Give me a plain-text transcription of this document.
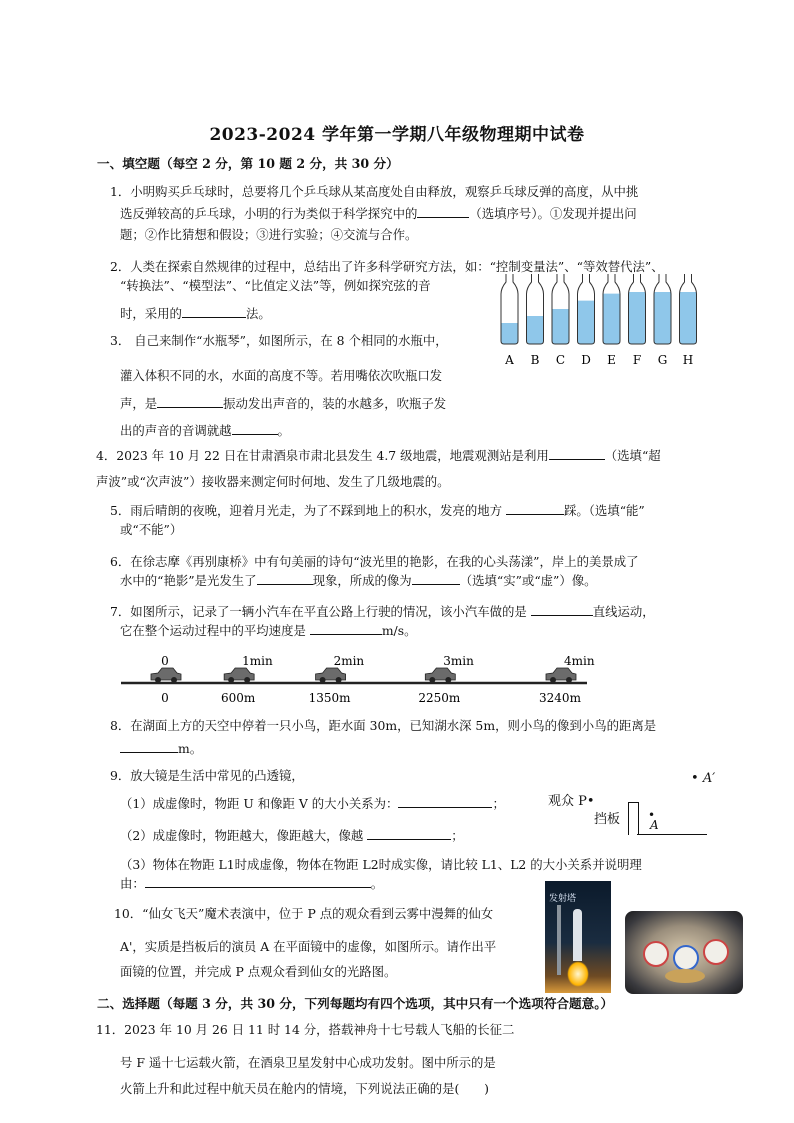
2023-2024 学年第一学期八年级物理期中试卷
一、填空题（每空 2 分，第 10 题 2 分，共 30 分）
1．小明购买乒乓球时，总要将几个乒乓球从某高度处自由释放，观察乒乓球反弹的高度，从中挑
选反弹较高的乒乓球，小明的行为类似于科学探究中的	（选填序号）。①发现并提出问
题；②作比猜想和假设；③进行实验；④交流与合作。
2．人类在探索自然规律的过程中，总结出了许多科学研究方法，如：“控制变量法”、“等效替代法”、
“转换法”、“模型法”、“比值定义法”等，例如探究弦的音
时，采用的	法。
A B C D E F G H
3． 自己来制作“水瓶琴”，如图所示，在 8 个相同的水瓶中，
灌入体积不同的水，水面的高度不等。若用嘴依次吹瓶口发
声，是	振动发出声音的，装的水越多，吹瓶子发
出的声音的音调就越	。
4．2023 年 10 月 22 日在甘肃酒泉市肃北县发生 4.7 级地震，地震观测站是利用	（选填“超
声波”或“次声波”）接收器来测定何时何地、发生了几级地震的。
5．雨后晴朗的夜晚，迎着月光走，为了不踩到地上的积水，发亮的地方	踩。（选填“能”
或“不能”）
6．在徐志摩《再别康桥》中有句美丽的诗句“波光里的艳影，在我的心头荡漾”，岸上的美景成了
水中的“艳影”是光发生了	现象，所成的像为	（选填“实”或“虚”）像。
7．如图所示，记录了一辆小汽车在平直公路上行驶的情况，该小汽车做的是	直线运动，
它在整个运动过程中的平均速度是	m/s。
0
0
1min
600m
2min
1350m
3min
2250m
4min
3240m
8．在湖面上方的天空中停着一只小鸟，距水面 30m，已知湖水深 5m，则小鸟的像到小鸟的距离是
m。
9．放大镜是生活中常见的凸透镜，
（1）成虚像时，物距 U 和像距 V 的大小关系为：	；
（2）成虚像时，物距越大，像距越大，像越	；
（3）物体在物距 L1时成虚像，物体在物距 L2时成实像，请比较 L1、L2 的大小关系并说明理
由：	。
• A′
观众 P•
挡板 •
A
10．“仙女飞天”魔术表演中，位于 P 点的观众看到云雾中漫舞的仙女
A'，实质是挡板后的演员 A 在平面镜中的虚像，如图所示。请作出平
面镜的位置，并完成 P 点观众看到仙女的光路图。
发射塔
二、选择题（每题 3 分，共 30 分，下列每题均有四个选项，其中只有一个选项符合题意。）
11．2023 年 10 月 26 日 11 时 14 分，搭载神舟十七号载人飞船的长征二
号 F 遥十七运载火箭，在酒泉卫星发射中心成功发射。图中所示的是
火箭上升和此过程中航天员在舱内的情境，下列说法正确的是(　　)
